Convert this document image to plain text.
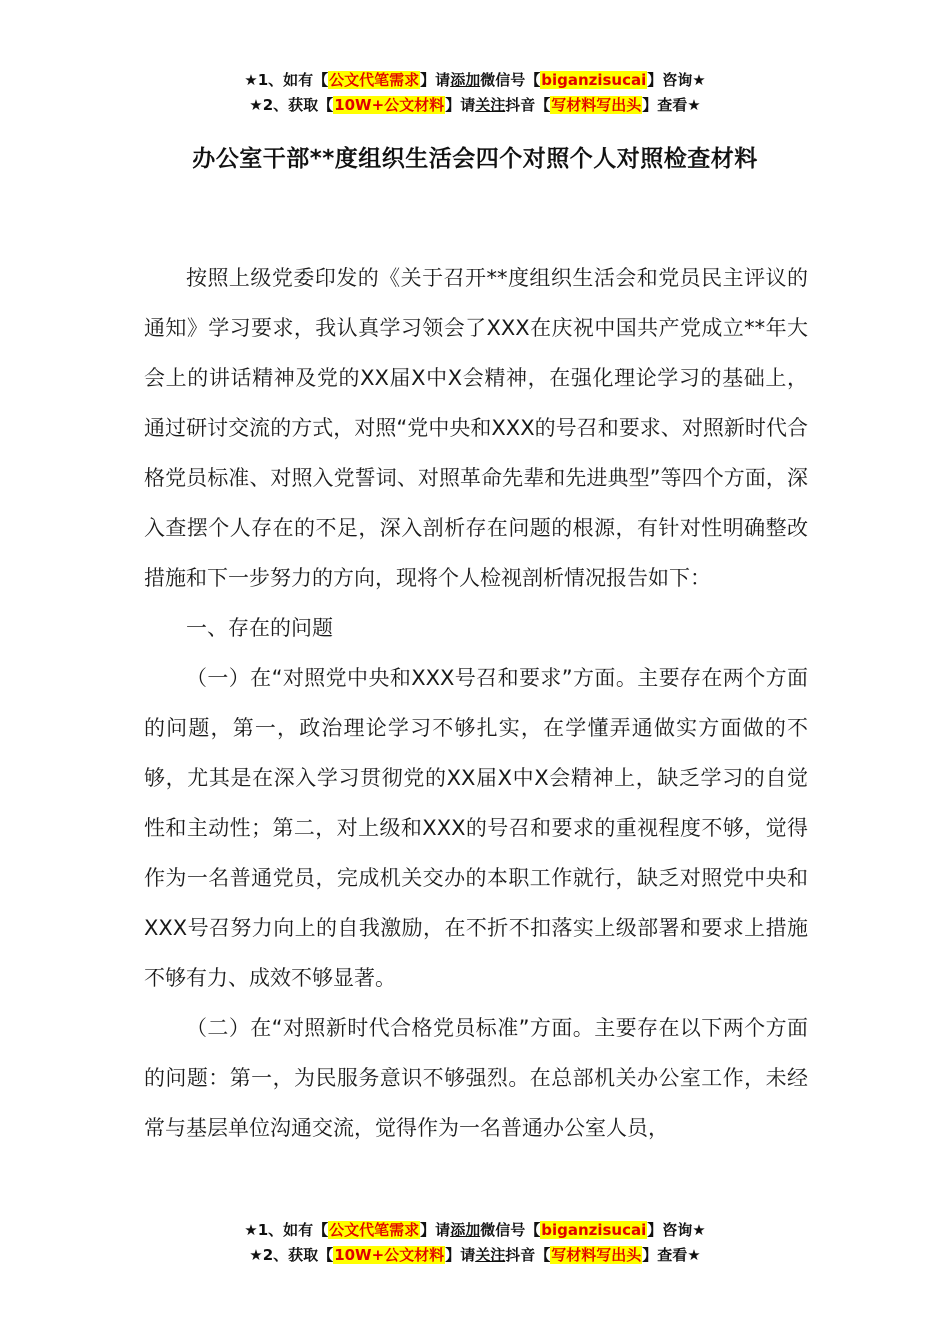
★1、如有【公文代笔需求】请添加微信号【biganzisucai】咨询★
★2、获取【10W+公文材料】请关注抖音【写材料写出头】查看★
办公室干部**度组织生活会四个对照个人对照检查材料

按照上级党委印发的《关于召开**度组织生活会和党员民主评议的通知》学习要求，我认真学习领会了XXX在庆祝中国共产党成立**年大会上的讲话精神及党的XX届X中X会精神，在强化理论学习的基础上，通过研讨交流的方式，对照“党中央和XXX的号召和要求、对照新时代合格党员标准、对照入党誓词、对照革命先辈和先进典型”等四个方面，深入查摆个人存在的不足，深入剖析存在问题的根源，有针对性明确整改措施和下一步努力的方向，现将个人检视剖析情况报告如下：

一、存在的问题

（一）在“对照党中央和XXX号召和要求”方面。主要存在两个方面的问题，第一，政治理论学习不够扎实，在学懂弄通做实方面做的不够，尤其是在深入学习贯彻党的XX届X中X会精神上，缺乏学习的自觉性和主动性；第二，对上级和XXX的号召和要求的重视程度不够，觉得作为一名普通党员，完成机关交办的本职工作就行，缺乏对照党中央和XXX号召努力向上的自我激励，在不折不扣落实上级部署和要求上措施不够有力、成效不够显著。

（二）在“对照新时代合格党员标准”方面。主要存在以下两个方面的问题：第一，为民服务意识不够强烈。在总部机关办公室工作，未经常与基层单位沟通交流，觉得作为一名普通办公室人员，

★1、如有【公文代笔需求】请添加微信号【biganzisucai】咨询★
★2、获取【10W+公文材料】请关注抖音【写材料写出头】查看★
